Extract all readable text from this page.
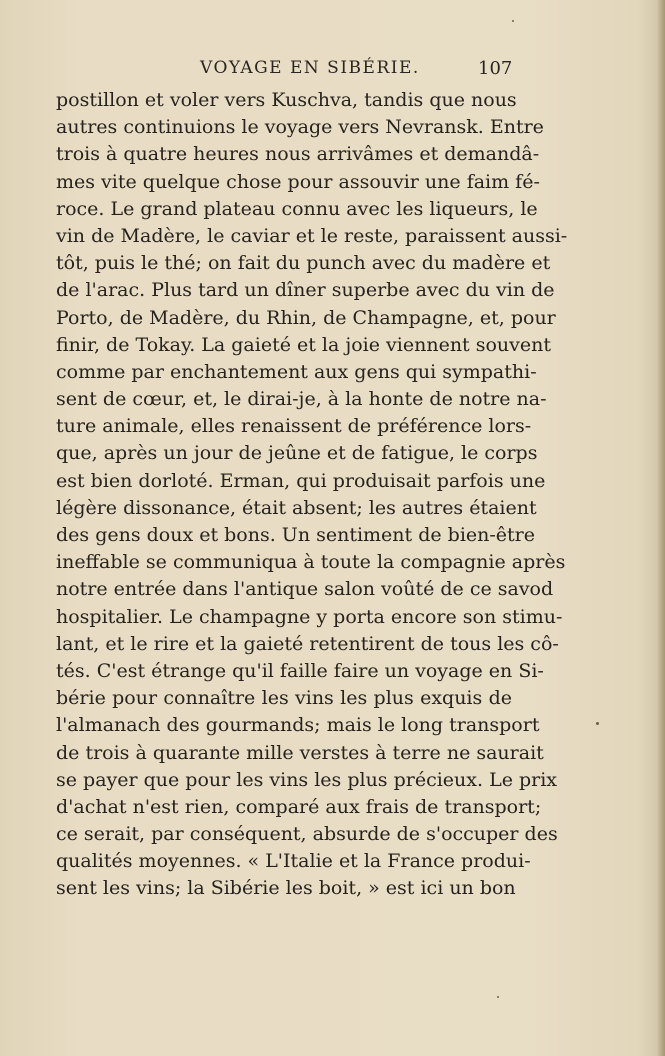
VOYAGE EN SIBÉRIE.	107
postillon et voler vers Kuschva, tandis que nous
autres continuions le voyage vers Nevransk. Entre
trois à quatre heures nous arrivâmes et demandâ-
mes vite quelque chose pour assouvir une faim fé-
roce. Le grand plateau connu avec les liqueurs, le
vin de Madère, le caviar et le reste, paraissent aussi-
tôt, puis le thé; on fait du punch avec du madère et
de l'arac. Plus tard un dîner superbe avec du vin de
Porto, de Madère, du Rhin, de Champagne, et, pour
finir, de Tokay. La gaieté et la joie viennent souvent
comme par enchantement aux gens qui sympathi-
sent de cœur, et, le dirai-je, à la honte de notre na-
ture animale, elles renaissent de préférence lors-
que, après un jour de jeûne et de fatigue, le corps
est bien dorloté. Erman, qui produisait parfois une
légère dissonance, était absent; les autres étaient
des gens doux et bons. Un sentiment de bien-être
ineffable se communiqua à toute la compagnie après
notre entrée dans l'antique salon voûté de ce savod
hospitalier. Le champagne y porta encore son stimu-
lant, et le rire et la gaieté retentirent de tous les cô-
tés. C'est étrange qu'il faille faire un voyage en Si-
bérie pour connaître les vins les plus exquis de
l'almanach des gourmands; mais le long transport
de trois à quarante mille verstes à terre ne saurait
se payer que pour les vins les plus précieux. Le prix
d'achat n'est rien, comparé aux frais de transport;
ce serait, par conséquent, absurde de s'occuper des
qualités moyennes. « L'Italie et la France produi-
sent les vins; la Sibérie les boit, » est ici un bon
